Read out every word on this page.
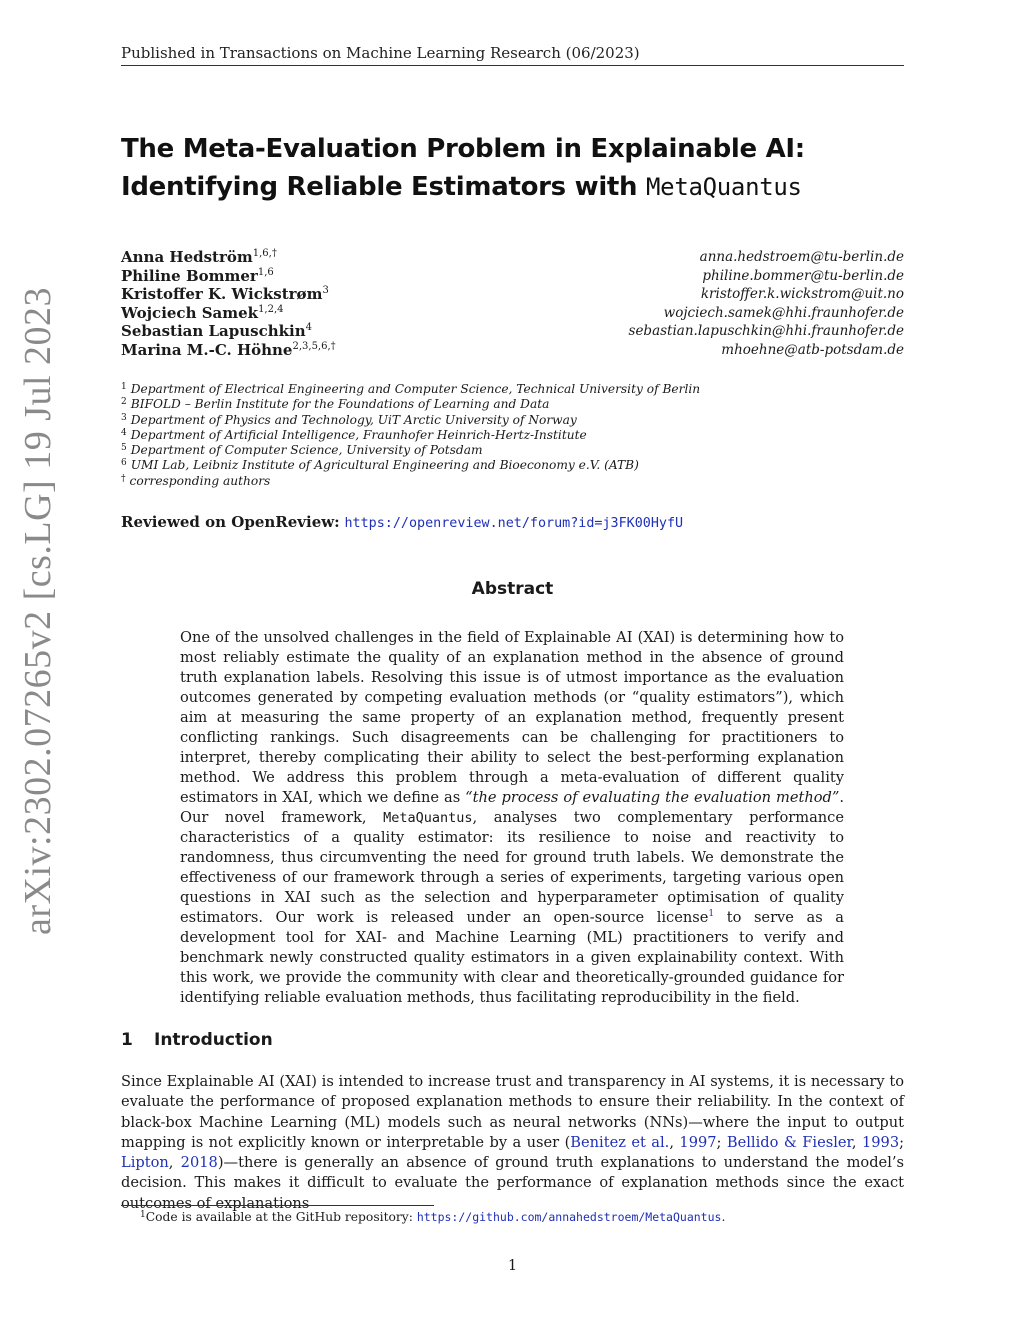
Published in Transactions on Machine Learning Research (06/2023)
arXiv:2302.07265v2 [cs.LG] 19 Jul 2023
The Meta-Evaluation Problem in Explainable AI:
Identifying Reliable Estimators with MetaQuantus
Anna Hedström$^{1,6,\dagger}$	anna.hedstroem@tu-berlin.de
Philine Bommer$^{1,6}$	philine.bommer@tu-berlin.de
Kristoffer K. Wickstrøm$^3$	kristoffer.k.wickstrom@uit.no
Wojciech Samek$^{1,2,4}$	wojciech.samek@hhi.fraunhofer.de
Sebastian Lapuschkin$^4$	sebastian.lapuschkin@hhi.fraunhofer.de
Marina M.-C. Höhne$^{2,3,5,6,\dagger}$	mhoehne@atb-potsdam.de
$^1$ Department of Electrical Engineering and Computer Science, Technical University of Berlin
$^2$ BIFOLD – Berlin Institute for the Foundations of Learning and Data
$^3$ Department of Physics and Technology, UiT Arctic University of Norway
$^4$ Department of Artificial Intelligence, Fraunhofer Heinrich-Hertz-Institute
$^5$ Department of Computer Science, University of Potsdam
$^6$ UMI Lab, Leibniz Institute of Agricultural Engineering and Bioeconomy e.V. (ATB)
† corresponding authors
Reviewed on OpenReview: https://openreview.net/forum?id=j3FK00HyfU
Abstract
One of the unsolved challenges in the field of Explainable AI (XAI) is determining how to most reliably estimate the quality of an explanation method in the absence of ground truth explanation labels. Resolving this issue is of utmost importance as the evaluation outcomes generated by competing evaluation methods (or “quality estimators”), which aim at measuring the same property of an explanation method, frequently present conflicting rankings. Such disagreements can be challenging for practitioners to interpret, thereby complicating their ability to select the best-performing explanation method. We address this problem through a meta-evaluation of different quality estimators in XAI, which we define as “the process of evaluating the evaluation method”. Our novel framework, MetaQuantus, analyses two complementary performance characteristics of a quality estimator: its resilience to noise and reactivity to randomness, thus circumventing the need for ground truth labels. We demonstrate the effectiveness of our framework through a series of experiments, targeting various open questions in XAI such as the selection and hyperparameter optimisation of quality estimators. Our work is released under an open-source license$^1$ to serve as a development tool for XAI- and Machine Learning (ML) practitioners to verify and benchmark newly constructed quality estimators in a given explainability context. With this work, we provide the community with clear and theoretically-grounded guidance for identifying reliable evaluation methods, thus facilitating reproducibility in the field.
1 Introduction
Since Explainable AI (XAI) is intended to increase trust and transparency in AI systems, it is necessary to evaluate the performance of proposed explanation methods to ensure their reliability. In the context of black-box Machine Learning (ML) models such as neural networks (NNs)—where the input to output mapping is not explicitly known or interpretable by a user (Benitez et al., 1997; Bellido & Fiesler, 1993; Lipton, 2018)—there is generally an absence of ground truth explanations to understand the model’s decision. This makes it difficult to evaluate the performance of explanation methods since the exact outcomes of explanations
$^1$Code is available at the GitHub repository: https://github.com/annahedstroem/MetaQuantus.
1
